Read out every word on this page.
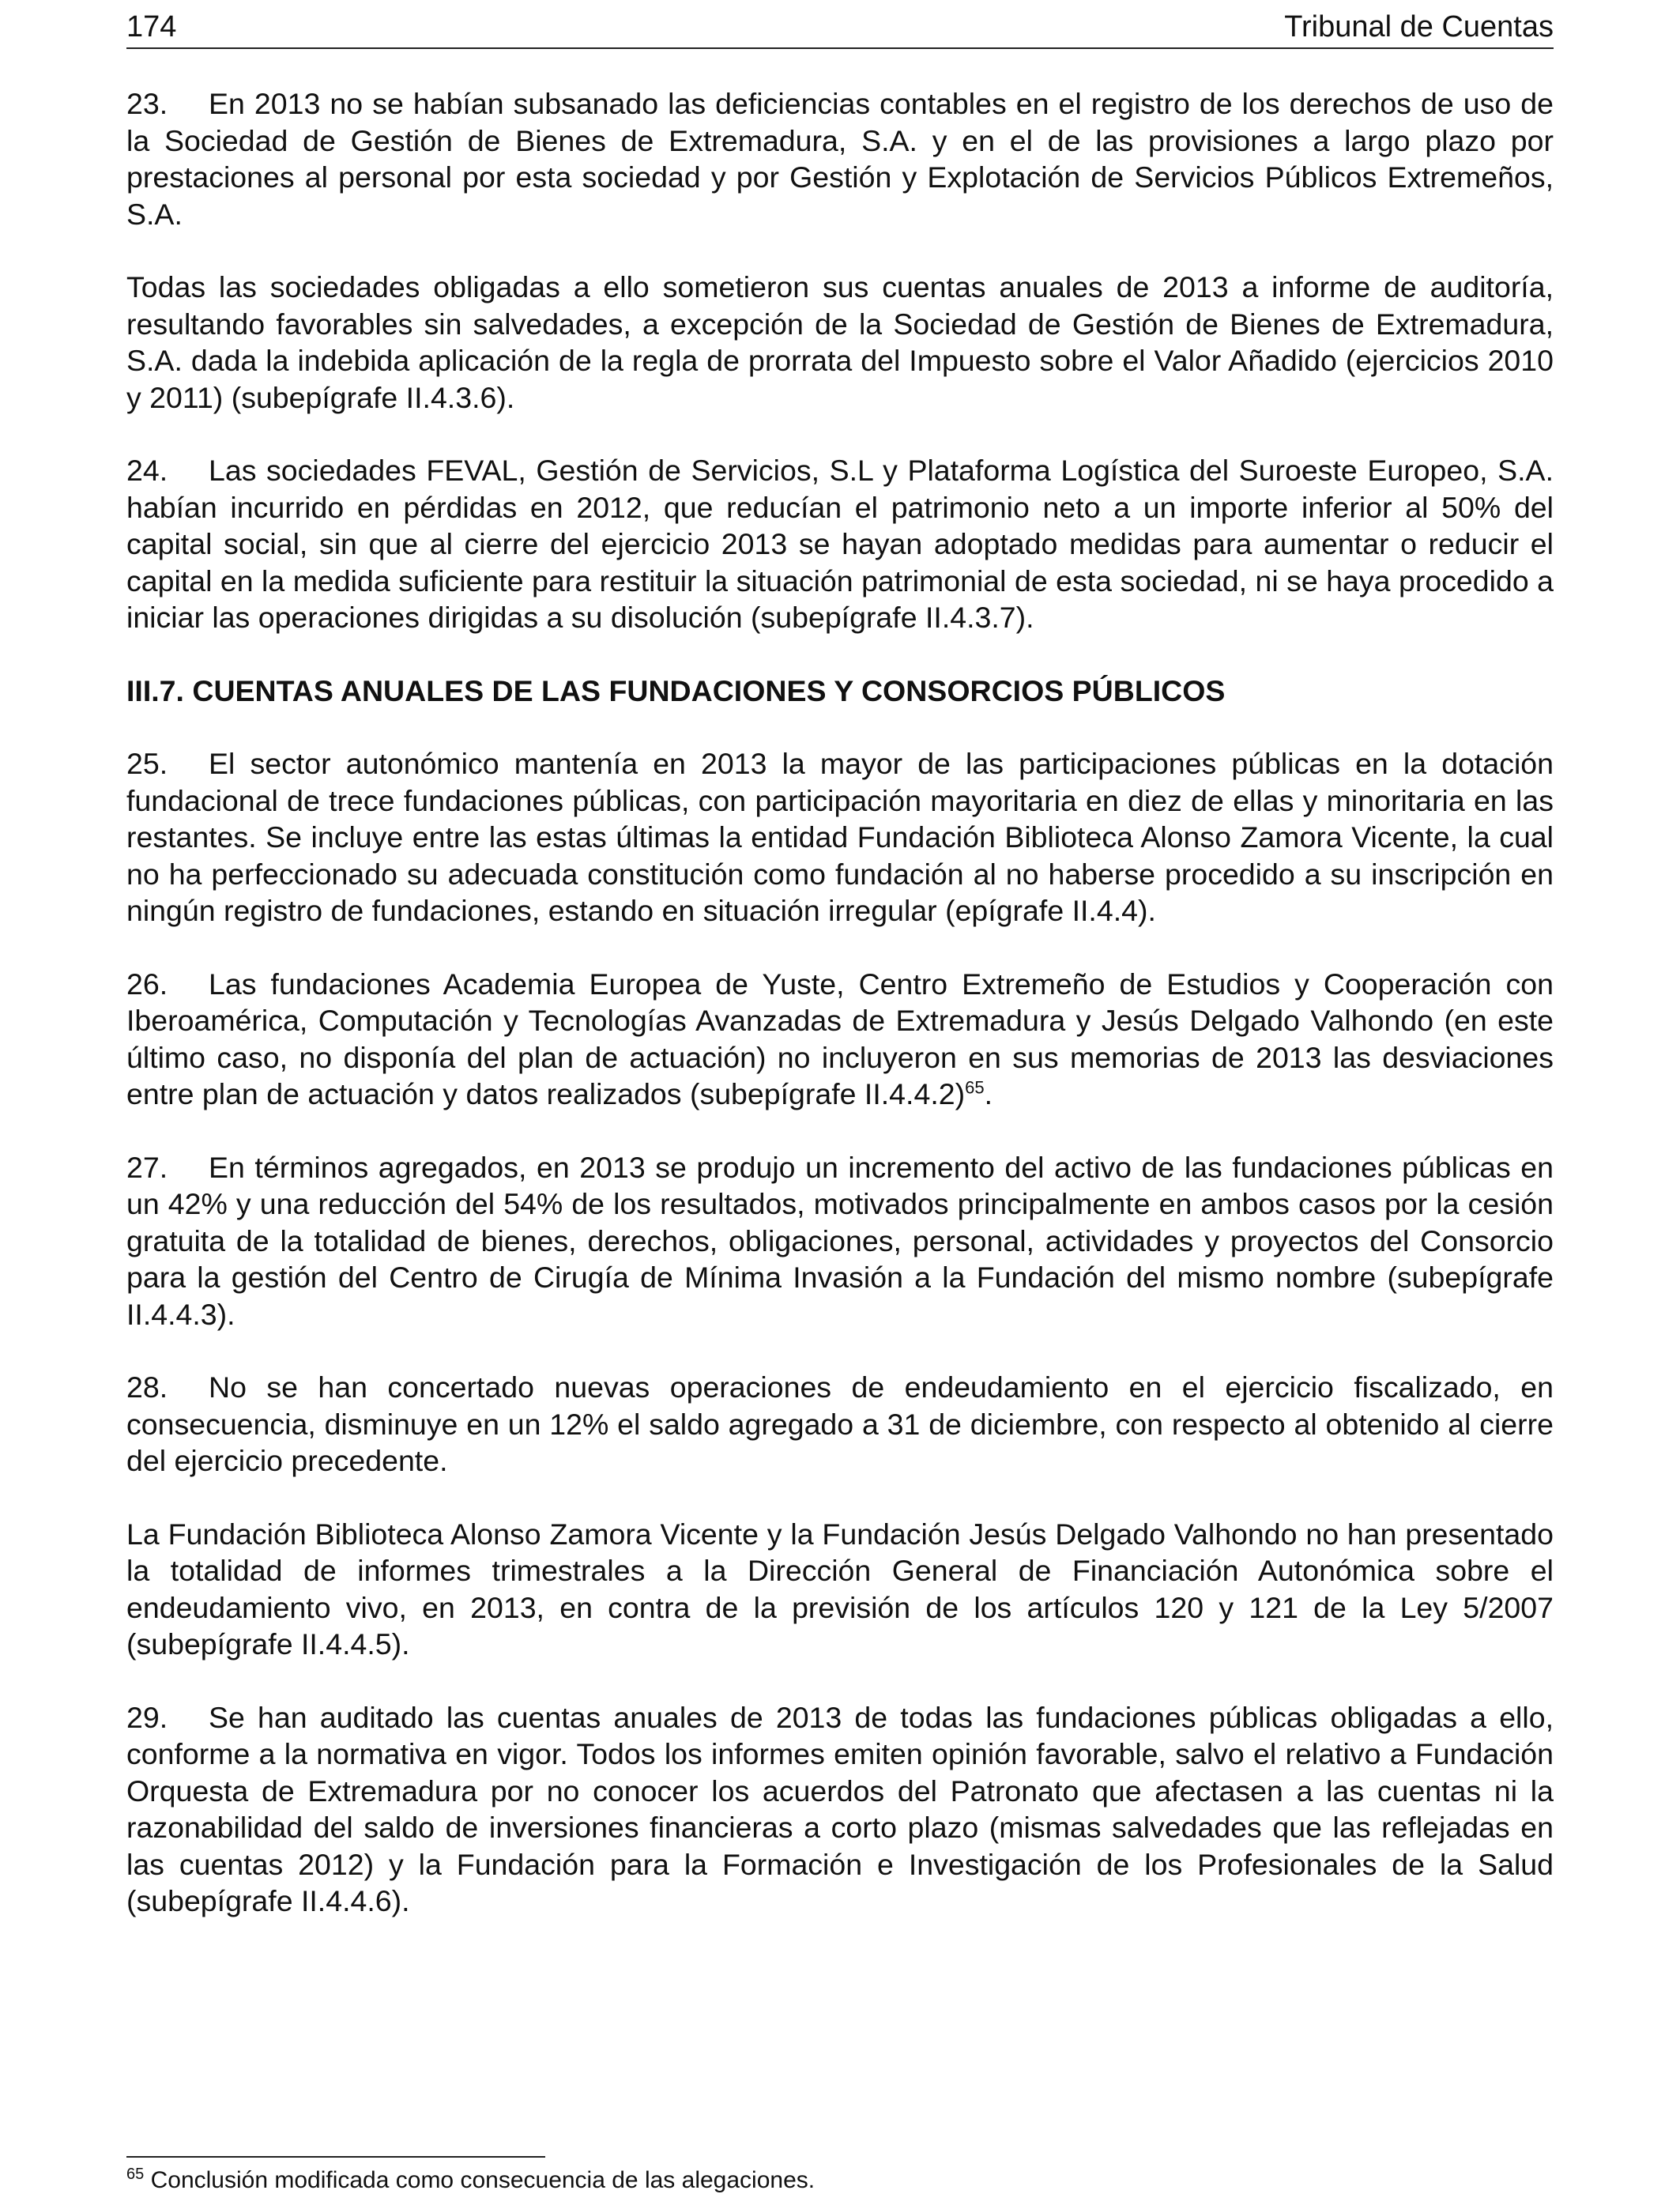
174	Tribunal de Cuentas

23. En 2013 no se habían subsanado las deficiencias contables en el registro de los derechos de uso de la Sociedad de Gestión de Bienes de Extremadura, S.A. y en el de las provisiones a largo plazo por prestaciones al personal por esta sociedad y por Gestión y Explotación de Servicios Públicos Extremeños, S.A.

Todas las sociedades obligadas a ello sometieron sus cuentas anuales de 2013 a informe de auditoría, resultando favorables sin salvedades, a excepción de la Sociedad de Gestión de Bienes de Extremadura, S.A. dada la indebida aplicación de la regla de prorrata del Impuesto sobre el Valor Añadido (ejercicios 2010 y 2011) (subepígrafe II.4.3.6).

24. Las sociedades FEVAL, Gestión de Servicios, S.L y Plataforma Logística del Suroeste Europeo, S.A. habían incurrido en pérdidas en 2012, que reducían el patrimonio neto a un importe inferior al 50% del capital social, sin que al cierre del ejercicio 2013 se hayan adoptado medidas para aumentar o reducir el capital en la medida suficiente para restituir la situación patrimonial de esta sociedad, ni se haya procedido a iniciar las operaciones dirigidas a su disolución (subepígrafe II.4.3.7).

III.7. CUENTAS ANUALES DE LAS FUNDACIONES Y CONSORCIOS PÚBLICOS

25. El sector autonómico mantenía en 2013 la mayor de las participaciones públicas en la dotación fundacional de trece fundaciones públicas, con participación mayoritaria en diez de ellas y minoritaria en las restantes. Se incluye entre las estas últimas la entidad Fundación Biblioteca Alonso Zamora Vicente, la cual no ha perfeccionado su adecuada constitución como fundación al no haberse procedido a su inscripción en ningún registro de fundaciones, estando en situación irregular (epígrafe II.4.4).

26. Las fundaciones Academia Europea de Yuste, Centro Extremeño de Estudios y Cooperación con Iberoamérica, Computación y Tecnologías Avanzadas de Extremadura y Jesús Delgado Valhondo (en este último caso, no disponía del plan de actuación) no incluyeron en sus memorias de 2013 las desviaciones entre plan de actuación y datos realizados (subepígrafe II.4.4.2)$^{65}$.

27. En términos agregados, en 2013 se produjo un incremento del activo de las fundaciones públicas en un 42% y una reducción del 54% de los resultados, motivados principalmente en ambos casos por la cesión gratuita de la totalidad de bienes, derechos, obligaciones, personal, actividades y proyectos del Consorcio para la gestión del Centro de Cirugía de Mínima Invasión a la Fundación del mismo nombre (subepígrafe II.4.4.3).

28. No se han concertado nuevas operaciones de endeudamiento en el ejercicio fiscalizado, en consecuencia, disminuye en un 12% el saldo agregado a 31 de diciembre, con respecto al obtenido al cierre del ejercicio precedente.

La Fundación Biblioteca Alonso Zamora Vicente y la Fundación Jesús Delgado Valhondo no han presentado la totalidad de informes trimestrales a la Dirección General de Financiación Autonómica sobre el endeudamiento vivo, en 2013, en contra de la previsión de los artículos 120 y 121 de la Ley 5/2007 (subepígrafe II.4.4.5).

29. Se han auditado las cuentas anuales de 2013 de todas las fundaciones públicas obligadas a ello, conforme a la normativa en vigor. Todos los informes emiten opinión favorable, salvo el relativo a Fundación Orquesta de Extremadura por no conocer los acuerdos del Patronato que afectasen a las cuentas ni la razonabilidad del saldo de inversiones financieras a corto plazo (mismas salvedades que las reflejadas en las cuentas 2012) y la Fundación para la Formación e Investigación de los Profesionales de la Salud (subepígrafe II.4.4.6).

$^{65}$ Conclusión modificada como consecuencia de las alegaciones.
